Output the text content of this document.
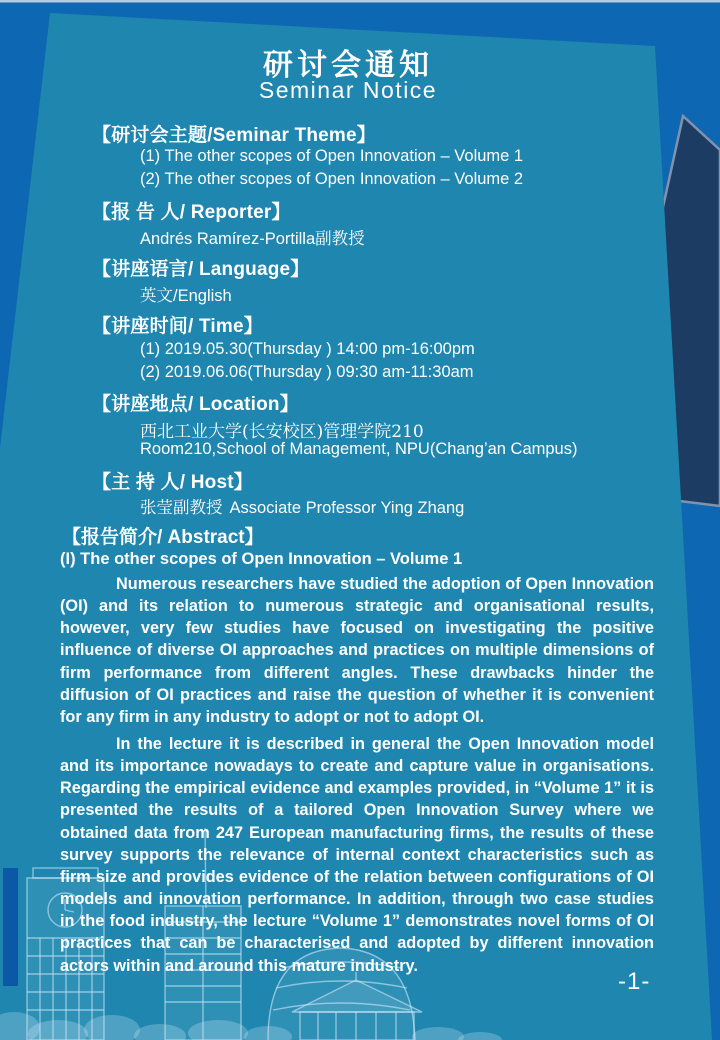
研讨会通知
Seminar Notice
【研讨会主题/Seminar Theme】
(1) The other scopes of Open Innovation – Volume 1
(2) The other scopes of Open Innovation – Volume 2
【报 告 人/ Reporter】
Andrés Ramírez-Portilla副教授
【讲座语言/ Language】
英文/English
【讲座时间/ Time】
(1) 2019.05.30(Thursday ) 14:00 pm-16:00pm
(2) 2019.06.06(Thursday ) 09:30 am-11:30am
【讲座地点/ Location】
西北工业大学(长安校区)管理学院210
Room210,School of Management, NPU(Chang’an Campus)
【主 持 人/ Host】
张莹副教授 Associate Professor Ying Zhang
【报告简介/ Abstract】
(I) The other scopes of Open Innovation – Volume 1
Numerous researchers have studied the adoption of Open Innovation (OI) and its relation to numerous strategic and organisational results, however, very few studies have focused on investigating the positive influence of diverse OI approaches and practices on multiple dimensions of firm performance from different angles. These drawbacks hinder the diffusion of OI practices and raise the question of whether it is convenient for any firm in any industry to adopt or not to adopt OI.
In the lecture it is described in general the Open Innovation model and its importance nowadays to create and capture value in organisations. Regarding the empirical evidence and examples provided, in “Volume 1” it is presented the results of a tailored Open Innovation Survey where we obtained data from 247 European manufacturing firms, the results of these survey supports the relevance of internal context characteristics such as firm size and provides evidence of the relation between configurations of OI models and innovation performance. In addition, through two case studies in the food industry, the lecture “Volume 1” demonstrates novel forms of OI practices that can be characterised and adopted by different innovation actors within and around this mature industry.
-1-
